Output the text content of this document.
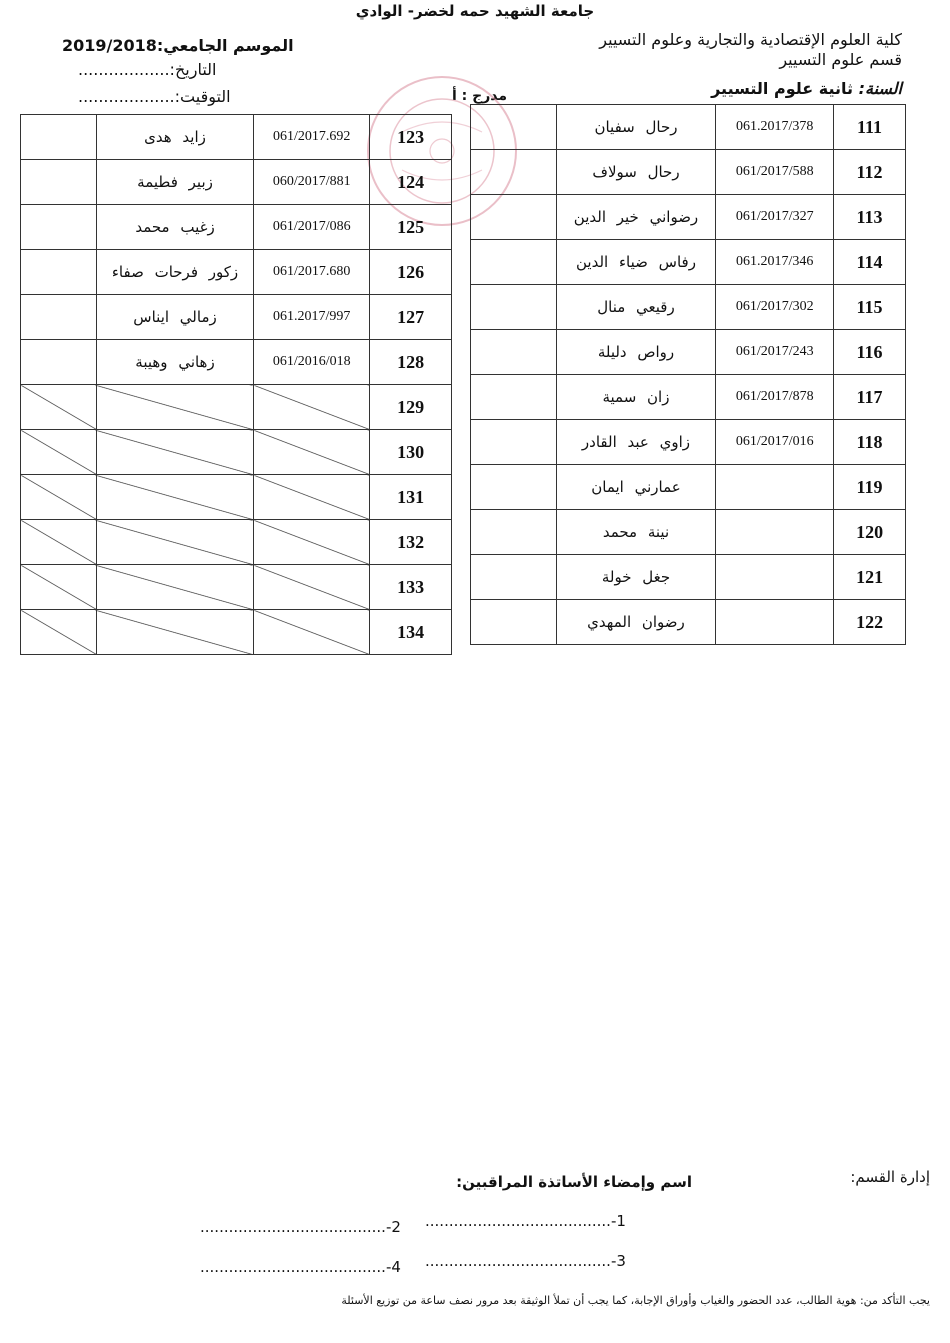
جامعة الشهيد حمه لخضر- الوادي
كلية العلوم الإقتصادية والتجارية وعلوم التسيير
قسم علوم التسيير
السنة: ثانية علوم التسيير
مدرج : أ
الموسم الجامعي:2019/2018
التاريخ:..................
التوقيت:...................
	رحال سفيان	061.2017/378	111
	رحال سولاف	061/2017/588	112
	رضواني خير الدين	061/2017/327	113
	رفاس ضياء الدين	061.2017/346	114
	رقيعي منال	061/2017/302	115
	رواص دليلة	061/2017/243	116
	زان سمية	061/2017/878	117
	زاوي عبد القادر	061/2017/016	118
	عمارني ايمان		119
	نينة محمد		120
	جغل خولة		121
	رضوان المهدي		122
	زايد هدى	061/2017.692	123
	زبير فطيمة	060/2017/881	124
	زغيب محمد	061/2017/086	125
	زكور فرحات صفاء	061/2017.680	126
	زمالي ايناس	061.2017/997	127
	زهاني وهيبة	061/2016/018	128
			129
			130
			131
			132
			133
			134
إدارة القسم:
اسم وإمضاء الأساتذة المراقبين:
1-.......................................
2-.......................................
3-.......................................
4-.......................................
يجب التأكد من: هوية الطالب، عدد الحضور والغياب وأوراق الإجابة، كما يجب أن تملأ الوثيقة بعد مرور نصف ساعة من توزيع الأسئلة
